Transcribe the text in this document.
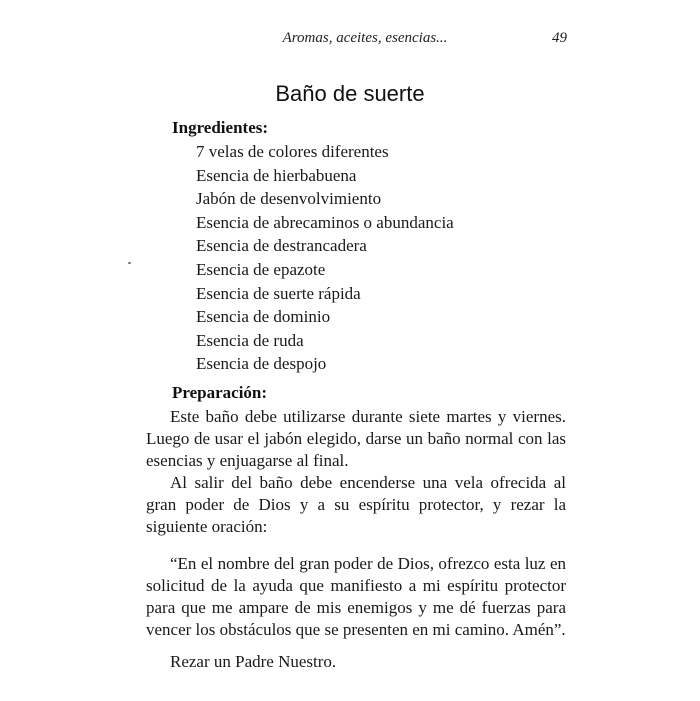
Aromas, aceites, esencias...	49
Baño de suerte
Ingredientes:
7 velas de colores diferentes
Esencia de hierbabuena
Jabón de desenvolvimiento
Esencia de abrecaminos o abundancia
Esencia de destrancadera
Esencia de epazote
Esencia de suerte rápida
Esencia de dominio
Esencia de ruda
Esencia de despojo
Preparación:

Este baño debe utilizarse durante siete martes y viernes. Luego de usar el jabón elegido, darse un baño normal con las esencias y enjuagarse al final.

Al salir del baño debe encenderse una vela ofrecida al gran poder de Dios y a su espíritu protector, y rezar la siguiente oración:

“En el nombre del gran poder de Dios, ofrezco esta luz en solicitud de la ayuda que manifiesto a mi espíritu protector para que me ampare de mis enemigos y me dé fuerzas para vencer los obstáculos que se presenten en mi camino. Amén”.

Rezar un Padre Nuestro.
